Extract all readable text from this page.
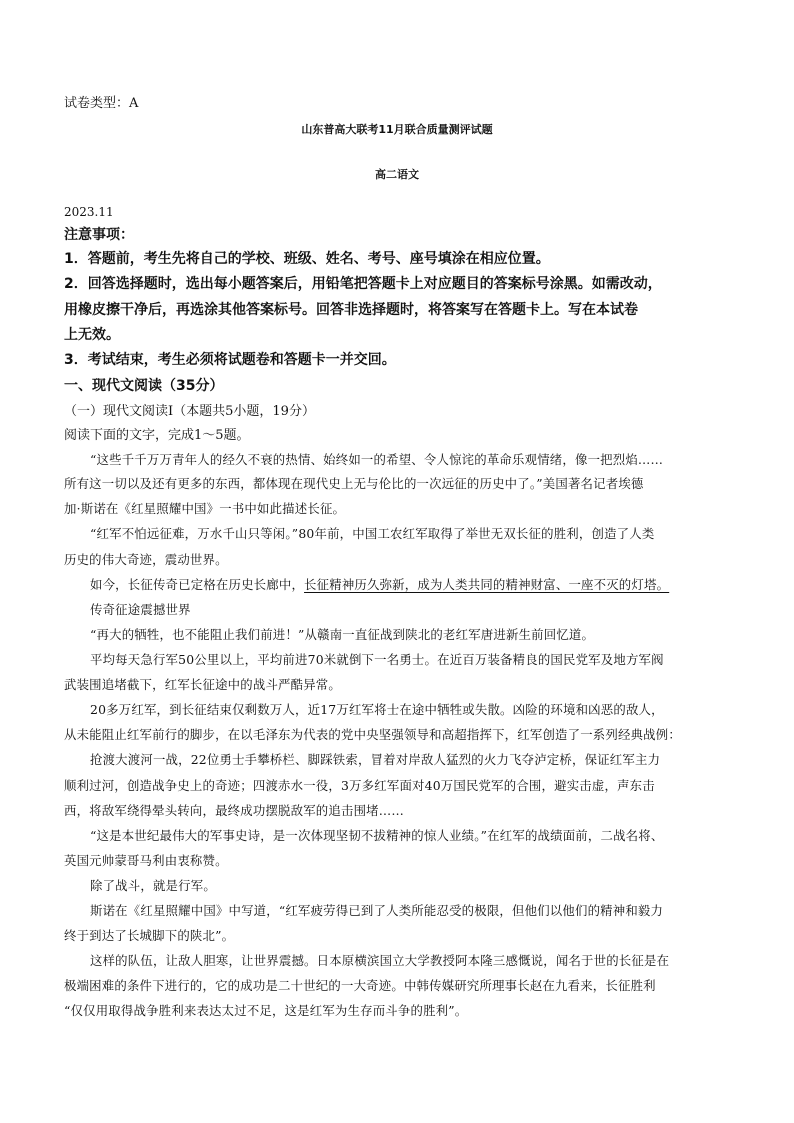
试卷类型：A
山东普高大联考11月联合质量测评试题
高二语文
2023.11
注意事项：
1．答题前，考生先将自己的学校、班级、姓名、考号、座号填涂在相应位置。
2．回答选择题时，选出每小题答案后，用铅笔把答题卡上对应题目的答案标号涂黑。如需改动，
用橡皮擦干净后，再选涂其他答案标号。回答非选择题时，将答案写在答题卡上。写在本试卷
上无效。
3．考试结束，考生必须将试题卷和答题卡一并交回。
一、现代文阅读（35分）
（一）现代文阅读Ⅰ（本题共5小题，19分）
阅读下面的文字，完成1～5题。
“这些千千万万青年人的经久不衰的热情、始终如一的希望、令人惊诧的革命乐观情绪，像一把烈焰……
所有这一切以及还有更多的东西，都体现在现代史上无与伦比的一次远征的历史中了。”美国著名记者埃德
加·斯诺在《红星照耀中国》一书中如此描述长征。
“红军不怕远征难，万水千山只等闲。”80年前，中国工农红军取得了举世无双长征的胜利，创造了人类
历史的伟大奇迹，震动世界。
如今，长征传奇已定格在历史长廊中，长征精神历久弥新，成为人类共同的精神财富、一座不灭的灯塔。
传奇征途震撼世界
“再大的牺牲，也不能阻止我们前进！”从赣南一直征战到陕北的老红军唐进新生前回忆道。
平均每天急行军50公里以上，平均前进70米就倒下一名勇士。在近百万装备精良的国民党军及地方军阀
武装围追堵截下，红军长征途中的战斗严酷异常。
20多万红军，到长征结束仅剩数万人，近17万红军将士在途中牺牲或失散。凶险的环境和凶恶的敌人，
从未能阻止红军前行的脚步，在以毛泽东为代表的党中央坚强领导和高超指挥下，红军创造了一系列经典战例：
抢渡大渡河一战，22位勇士手攀桥栏、脚踩铁索，冒着对岸敌人猛烈的火力飞夺泸定桥，保证红军主力
顺利过河，创造战争史上的奇迹；四渡赤水一役，3万多红军面对40万国民党军的合围，避实击虚，声东击
西，将敌军绕得晕头转向，最终成功摆脱敌军的追击围堵……
“这是本世纪最伟大的军事史诗，是一次体现坚韧不拔精神的惊人业绩。”在红军的战绩面前，二战名将、
英国元帅蒙哥马利由衷称赞。
除了战斗，就是行军。
斯诺在《红星照耀中国》中写道，“红军疲劳得已到了人类所能忍受的极限，但他们以他们的精神和毅力
终于到达了长城脚下的陕北”。
这样的队伍，让敌人胆寒，让世界震撼。日本原横滨国立大学教授阿本隆三感慨说，闻名于世的长征是在
极端困难的条件下进行的，它的成功是二十世纪的一大奇迹。中韩传媒研究所理事长赵在九看来，长征胜利
“仅仅用取得战争胜利来表达太过不足，这是红军为生存而斗争的胜利”。
